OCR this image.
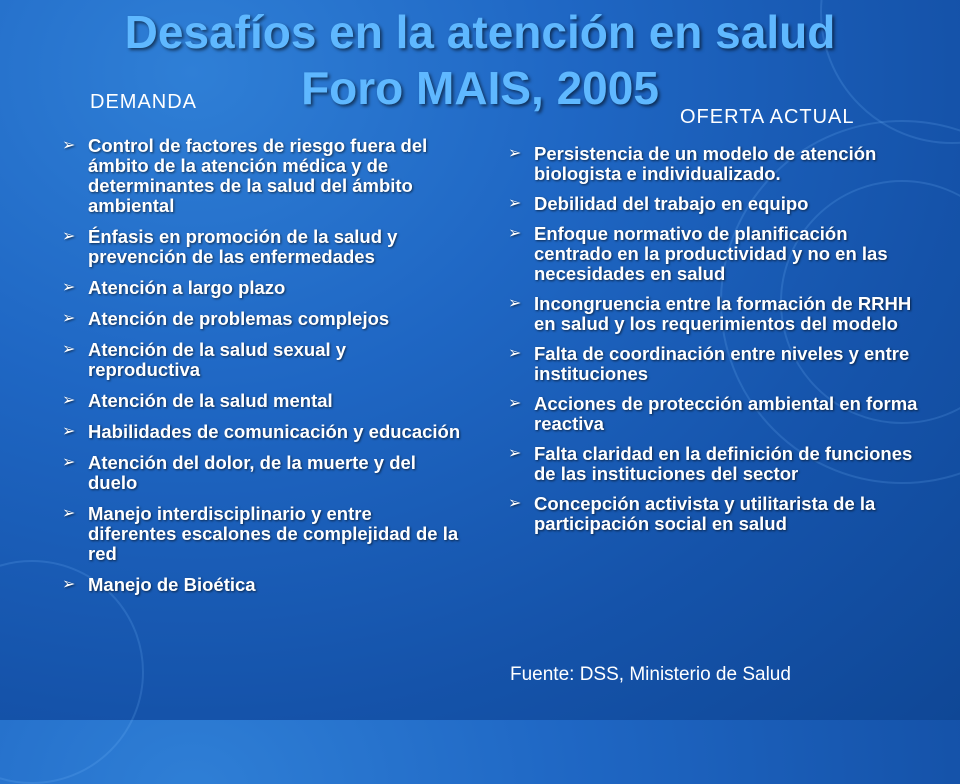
Desafíos en la atención en salud
Foro MAIS, 2005
DEMANDA
OFERTA ACTUAL
➢ Control de factores de riesgo fuera del ámbito de la atención médica y de determinantes de la salud del ámbito ambiental
➢ Énfasis en promoción de la salud y prevención de las enfermedades
➢ Atención a largo plazo
➢ Atención de problemas complejos
➢ Atención de la salud sexual y reproductiva
➢ Atención de la salud mental
➢ Habilidades de comunicación y educación
➢ Atención del dolor, de la muerte y del duelo
➢ Manejo interdisciplinario y entre diferentes escalones de complejidad de la red
➢ Manejo de Bioética
➢ Persistencia de un modelo de atención biologista e individualizado.
➢ Debilidad del trabajo en equipo
➢ Enfoque normativo de planificación centrado en la productividad y no en las necesidades en salud
➢ Incongruencia entre la formación de RRHH en salud y los requerimientos del modelo
➢ Falta de coordinación entre niveles y entre instituciones
➢ Acciones de protección ambiental en forma reactiva
➢ Falta claridad en la definición de funciones de las instituciones del sector
➢ Concepción activista y utilitarista de la participación social en salud
Fuente: DSS, Ministerio de Salud
